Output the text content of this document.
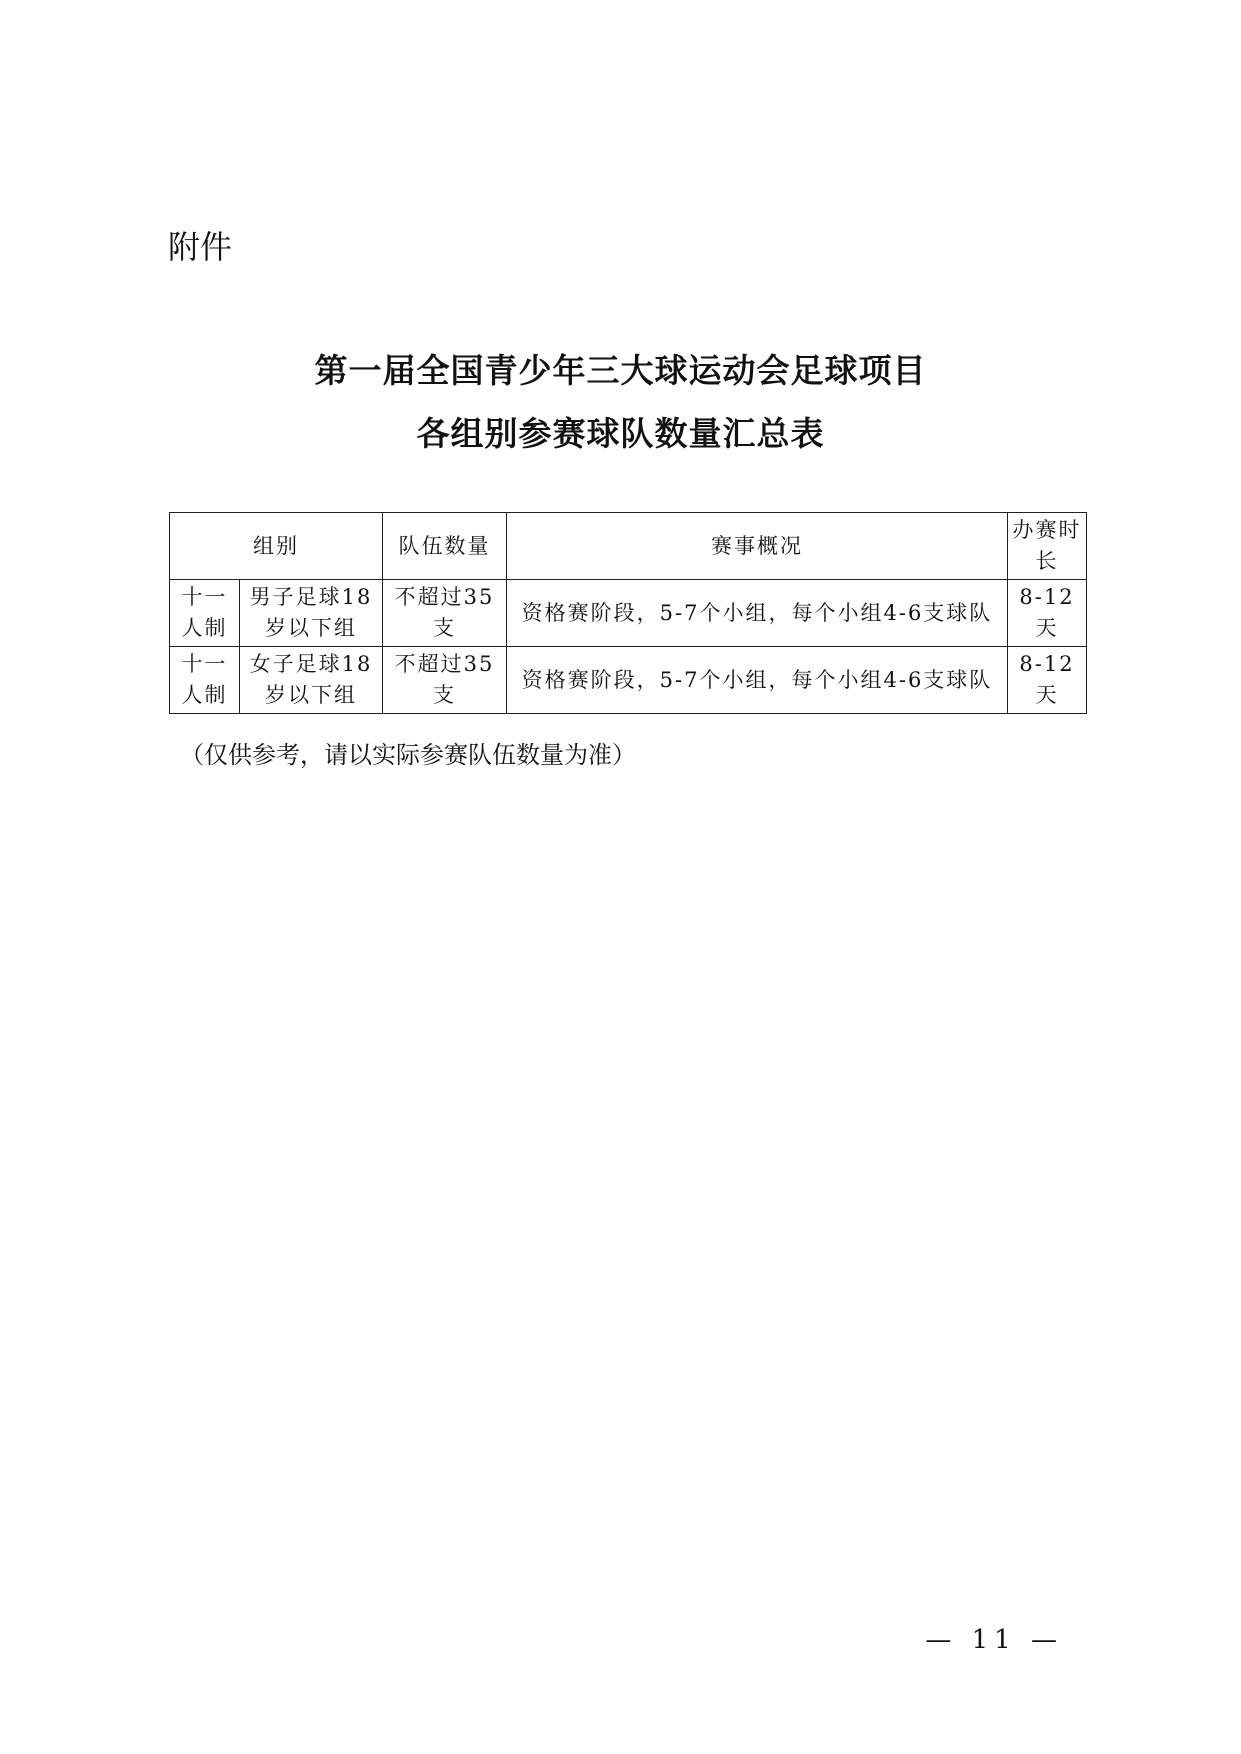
附件
第一届全国青少年三大球运动会足球项目
各组别参赛球队数量汇总表
组别		队伍数量	赛事概况	办赛时长
十一人制	男子足球18岁以下组	不超过35支	资格赛阶段，5-7个小组，每个小组4-6支球队	8-12天
十一人制	女子足球18岁以下组	不超过35支	资格赛阶段，5-7个小组，每个小组4-6支球队	8-12天
（仅供参考，请以实际参赛队伍数量为准）
— 11 —
